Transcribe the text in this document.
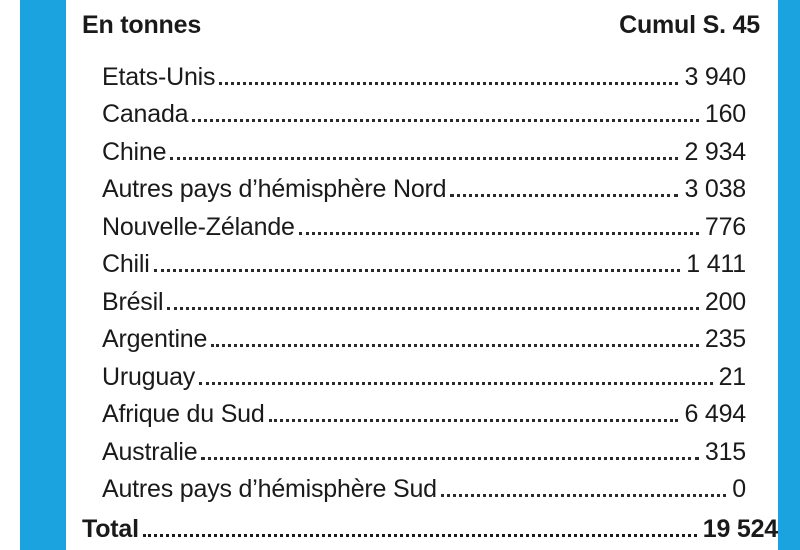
En tonnes	Cumul S. 45
Etats-Unis	3 940
Canada	160
Chine	2 934
Autres pays d’hémisphère Nord	3 038
Nouvelle-Zélande	776
Chili	1 411
Brésil	200
Argentine	235
Uruguay	21
Afrique du Sud	6 494
Australie	315
Autres pays d’hémisphère Sud	0
Total	19 524
